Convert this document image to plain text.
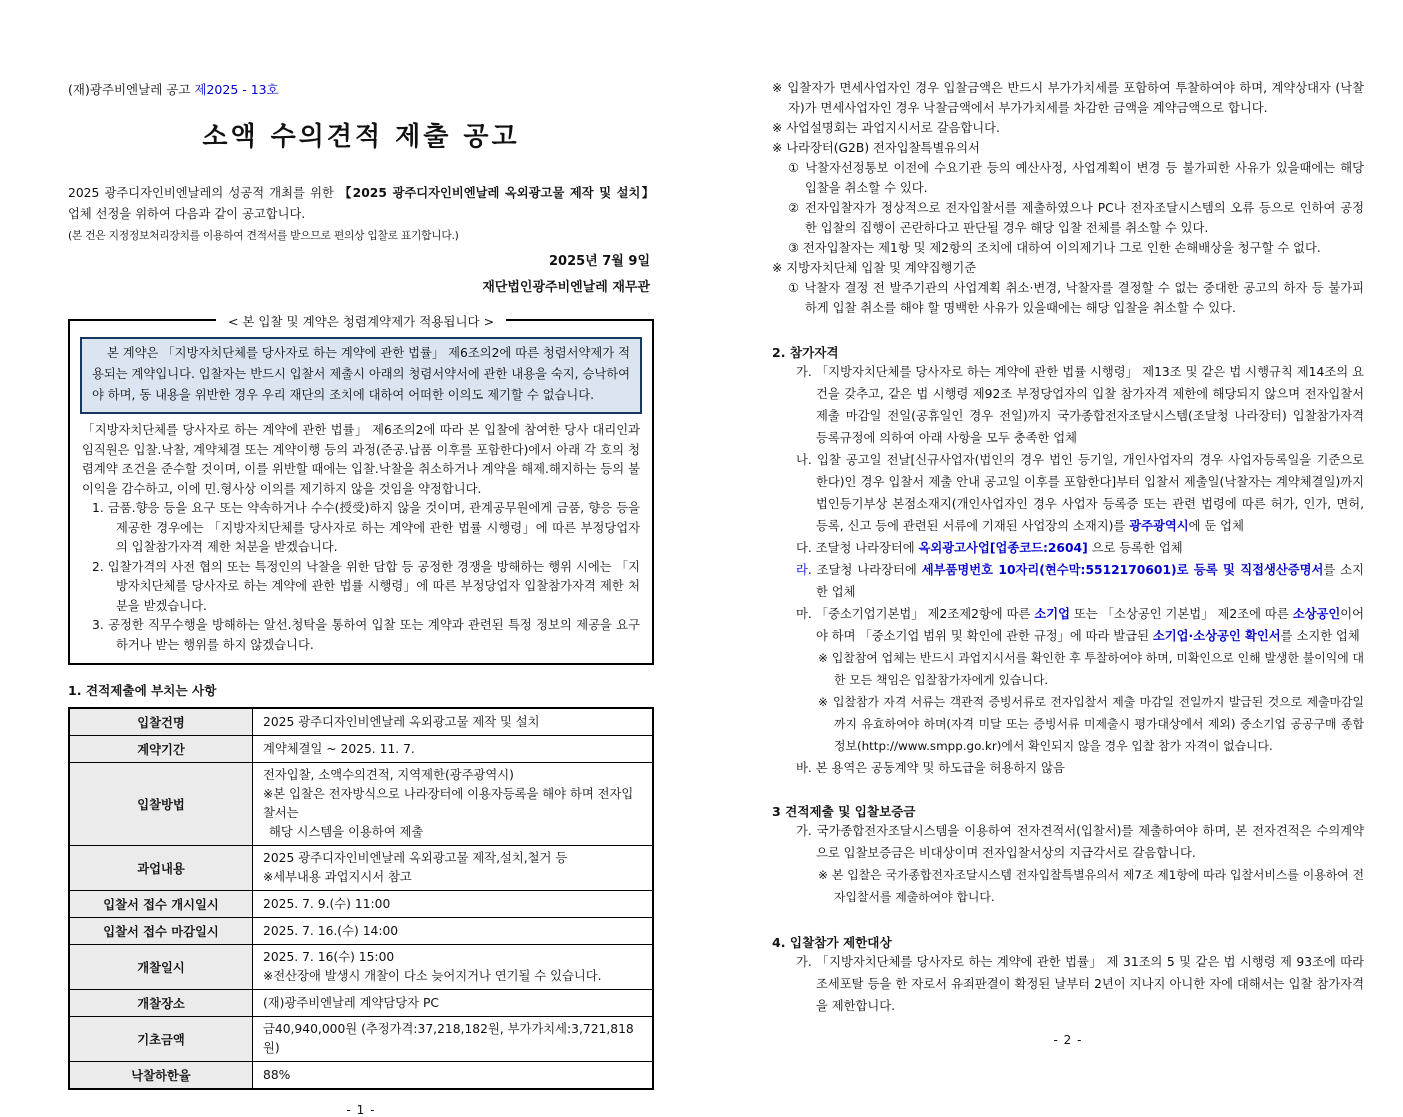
(재)광주비엔날레 공고 제2025 - 13호
소액 수의견적 제출 공고

2025 광주디자인비엔날레의 성공적 개최를 위한 【2025 광주디자인비엔날레 옥외광고물 제작 및 설치】 업체 선정을 위하여 다음과 같이 공고합니다.

(본 건은 지정정보처리장치를 이용하여 견적서를 받으므로 편의상 입찰로 표기합니다.)

2025년 7월 9일

재단법인광주비엔날레 재무관

< 본 입찰 및 계약은 청렴계약제가 적용됩니다 >
본 계약은 「지방자치단체를 당사자로 하는 계약에 관한 법률」 제6조의2에 따른 청렴서약제가 적용되는 계약입니다. 입찰자는 반드시 입찰서 제출시 아래의 청렴서약서에 관한 내용을 숙지, 승낙하여야 하며, 동 내용을 위반한 경우 우리 재단의 조치에 대하여 어떠한 이의도 제기할 수 없습니다.

「지방자치단체를 당사자로 하는 계약에 관한 법률」 제6조의2에 따라 본 입찰에 참여한 당사 대리인과 임직원은 입찰.낙찰, 계약체결 또는 계약이행 등의 과정(준공.납품 이후를 포함한다)에서 아래 각 호의 청렴계약 조건을 준수할 것이며, 이를 위반할 때에는 입찰.낙찰을 취소하거나 계약을 해제.해지하는 등의 불이익을 감수하고, 이에 민.형사상 이의를 제기하지 않을 것임을 약정합니다.

1. 금품.향응 등을 요구 또는 약속하거나 수수(授受)하지 않을 것이며, 관계공무원에게 금품, 향응 등을 제공한 경우에는 「지방자치단체를 당사자로 하는 계약에 관한 법률 시행령」에 따른 부정당업자의 입찰참가자격 제한 처분을 받겠습니다.

2. 입찰가격의 사전 협의 또는 특정인의 낙찰을 위한 담합 등 공정한 경쟁을 방해하는 행위 시에는 「지방자치단체를 당사자로 하는 계약에 관한 법률 시행령」에 따른 부정당업자 입찰참가자격 제한 처분을 받겠습니다.

3. 공정한 직무수행을 방해하는 알선.청탁을 통하여 입찰 또는 계약과 관련된 특정 정보의 제공을 요구하거나 받는 행위를 하지 않겠습니다.

1. 견적제출에 부치는 사항
입찰건명	2025 광주디자인비엔날레 옥외광고물 제작 및 설치
계약기간	계약체결일 ~ 2025. 11. 7.
입찰방법	전자입찰, 소액수의견적, 지역제한(광주광역시)
※본 입찰은 전자방식으로 나라장터에 이용자등록을 해야 하며 전자입찰서는
해당 시스템을 이용하여 제출

과업내용	2025 광주디자인비엔날레 옥외광고물 제작,설치,철거 등
※세부내용 과업지시서 참고

입찰서 접수 개시일시	2025. 7. 9.(수) 11:00
입찰서 접수 마감일시	2025. 7. 16.(수) 14:00
개찰일시	2025. 7. 16(수) 15:00
※전산장애 발생시 개찰이 다소 늦어지거나 연기될 수 있습니다.

개찰장소	(재)광주비엔날레 계약담당자 PC
기초금액	금40,940,000원 (추정가격:37,218,182원, 부가가치세:3,721,818원)
낙찰하한율	88%
- 1 -

※ 입찰자가 면세사업자인 경우 입찰금액은 반드시 부가가치세를 포함하여 투찰하여야 하며, 계약상대자 (낙찰자)가 면세사업자인 경우 낙찰금액에서 부가가치세를 차감한 금액을 계약금액으로 합니다.

※ 사업설명회는 과업지시서로 갈음합니다.

※ 나라장터(G2B) 전자입찰특별유의서

① 낙찰자선정통보 이전에 수요기관 등의 예산사정, 사업계획이 변경 등 불가피한 사유가 있을때에는 해당 입찰을 취소할 수 있다.

② 전자입찰자가 정상적으로 전자입찰서를 제출하였으나 PC나 전자조달시스템의 오류 등으로 인하여 공정한 입찰의 집행이 곤란하다고 판단될 경우 해당 입찰 전체를 취소할 수 있다.

③ 전자입찰자는 제1항 및 제2항의 조치에 대하여 이의제기나 그로 인한 손해배상을 청구할 수 없다.

※ 지방자치단체 입찰 및 계약집행기준

① 낙찰자 결정 전 발주기관의 사업계획 취소·변경, 낙찰자를 결정할 수 없는 중대한 공고의 하자 등 불가피하게 입찰 취소를 해야 할 명백한 사유가 있을때에는 해당 입찰을 취소할 수 있다.

2. 참가자격

가. 「지방자치단체를 당사자로 하는 계약에 관한 법률 시행령」 제13조 및 같은 법 시행규칙 제14조의 요건을 갖추고, 같은 법 시행령 제92조 부정당업자의 입찰 참가자격 제한에 해당되지 않으며 전자입찰서 제출 마감일 전일(공휴일인 경우 전일)까지 국가종합전자조달시스템(조달청 나라장터) 입찰참가자격 등록규정에 의하여 아래 사항을 모두 충족한 업체

나. 입찰 공고일 전날[신규사업자(법인의 경우 법인 등기일, 개인사업자의 경우 사업자등록일을 기준으로 한다)인 경우 입찰서 제출 안내 공고일 이후를 포함한다]부터 입찰서 제출일(낙찰자는 계약체결일)까지 법인등기부상 본점소재지(개인사업자인 경우 사업자 등록증 또는 관련 법령에 따른 허가, 인가, 면허, 등록, 신고 등에 관련된 서류에 기재된 사업장의 소재지)를 광주광역시에 둔 업체

다. 조달청 나라장터에 옥외광고사업[업종코드:2604] 으로 등록한 업체

라. 조달청 나라장터에 세부품명번호 10자리(현수막:5512170601)로 등록 및 직접생산증명서를 소지한 업체

마. 「중소기업기본법」 제2조제2항에 따른 소기업 또는 「소상공인 기본법」 제2조에 따른 소상공인이어야 하며 「중소기업 범위 및 확인에 관한 규정」에 따라 발급된 소기업·소상공인 확인서를 소지한 업체

※ 입찰참여 업체는 반드시 과업지시서를 확인한 후 투찰하여야 하며, 미확인으로 인해 발생한 불이익에 대한 모든 책임은 입찰참가자에게 있습니다.

※ 입찰참가 자격 서류는 객관적 증빙서류로 전자입찰서 제출 마감일 전일까지 발급된 것으로 제출마감일까지 유효하여야 하며(자격 미달 또는 증빙서류 미제출시 평가대상에서 제외) 중소기업 공공구매 종합정보(http://www.smpp.go.kr)에서 확인되지 않을 경우 입찰 참가 자격이 없습니다.

바. 본 용역은 공동계약 및 하도급을 허용하지 않음

3 견적제출 및 입찰보증금

가. 국가종합전자조달시스템을 이용하여 전자견적서(입찰서)를 제출하여야 하며, 본 전자견적은 수의계약으로 입찰보증금은 비대상이며 전자입찰서상의 지급각서로 갈음합니다.

※ 본 입찰은 국가종합전자조달시스템 전자입찰특별유의서 제7조 제1항에 따라 입찰서비스를 이용하여 전자입찰서를 제출하여야 합니다.

4. 입찰참가 제한대상

가. 「지방자치단체를 당사자로 하는 계약에 관한 법률」 제 31조의 5 및 같은 법 시행령 제 93조에 따라 조세포탈 등을 한 자로서 유죄판결이 확정된 날부터 2년이 지나지 아니한 자에 대해서는 입찰 참가자격을 제한합니다.

- 2 -
